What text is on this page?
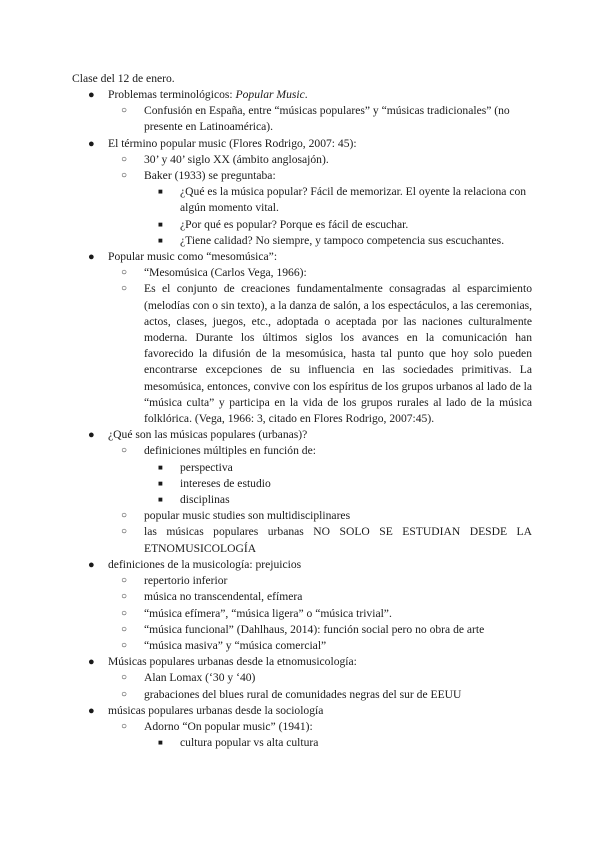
Clase del 12 de enero.
● Problemas terminológicos: Popular Music.
○ Confusión en España, entre “músicas populares” y “músicas tradicionales” (no presente en Latinoamérica).
● El término popular music (Flores Rodrigo, 2007: 45):
○ 30’ y 40’ siglo XX (ámbito anglosajón).
○ Baker (1933) se preguntaba:
■ ¿Qué es la música popular? Fácil de memorizar. El oyente la relaciona con algún momento vital.
■ ¿Por qué es popular? Porque es fácil de escuchar.
■ ¿Tiene calidad? No siempre, y tampoco competencia sus escuchantes.
● Popular music como “mesomúsica”:
○ “Mesomúsica (Carlos Vega, 1966):
○ Es el conjunto de creaciones fundamentalmente consagradas al esparcimiento (melodías con o sin texto), a la danza de salón, a los espectáculos, a las ceremonias, actos, clases, juegos, etc., adoptada o aceptada por las naciones culturalmente moderna. Durante los últimos siglos los avances en la comunicación han favorecido la difusión de la mesomúsica, hasta tal punto que hoy solo pueden encontrarse excepciones de su influencia en las sociedades primitivas. La mesomúsica, entonces, convive con los espíritus de los grupos urbanos al lado de la “música culta” y participa en la vida de los grupos rurales al lado de la música folklórica. (Vega, 1966: 3, citado en Flores Rodrigo, 2007:45).
● ¿Qué son las músicas populares (urbanas)?
○ definiciones múltiples en función de:
■ perspectiva
■ intereses de estudio
■ disciplinas
○ popular music studies son multidisciplinares
○ las músicas populares urbanas NO SOLO SE ESTUDIAN DESDE LA ETNOMUSICOLOGÍA
● definiciones de la musicología: prejuicios
○ repertorio inferior
○ música no transcendental, efímera
○ “música efímera”, “música ligera” o “música trivial”.
○ “música funcional” (Dahlhaus, 2014): función social pero no obra de arte
○ “música masiva” y “música comercial”
● Músicas populares urbanas desde la etnomusicología:
○ Alan Lomax (‘30 y ‘40)
○ grabaciones del blues rural de comunidades negras del sur de EEUU
● músicas populares urbanas desde la sociología
○ Adorno “On popular music” (1941):
■ cultura popular vs alta cultura
